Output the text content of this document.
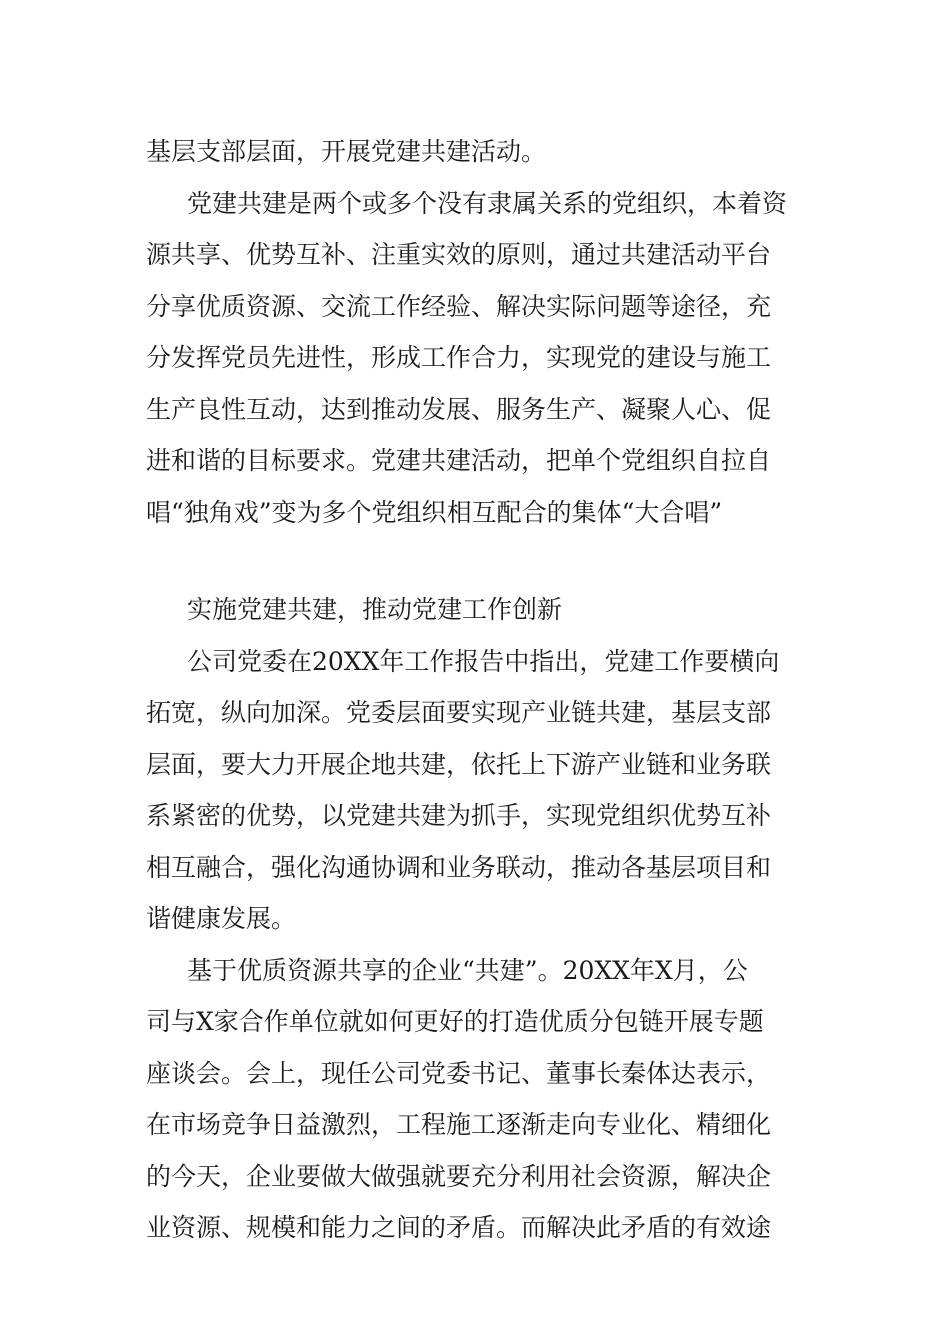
基层支部层面，开展党建共建活动。

党建共建是两个或多个没有隶属关系的党组织，本着资

源共享、优势互补、注重实效的原则，通过共建活动平台

分享优质资源、交流工作经验、解决实际问题等途径，充

分发挥党员先进性，形成工作合力，实现党的建设与施工

生产良性互动，达到推动发展、服务生产、凝聚人心、促

进和谐的目标要求。党建共建活动，把单个党组织自拉自

唱“独角戏”变为多个党组织相互配合的集体“大合唱”

实施党建共建，推动党建工作创新

公司党委在20XX年工作报告中指出，党建工作要横向

拓宽，纵向加深。党委层面要实现产业链共建，基层支部

层面，要大力开展企地共建，依托上下游产业链和业务联

系紧密的优势，以党建共建为抓手，实现党组织优势互补

相互融合，强化沟通协调和业务联动，推动各基层项目和

谐健康发展。

基于优质资源共享的企业“共建”。20XX年X月，公

司与X家合作单位就如何更好的打造优质分包链开展专题

座谈会。会上，现任公司党委书记、董事长秦体达表示，

在市场竞争日益激烈，工程施工逐渐走向专业化、精细化

的今天，企业要做大做强就要充分利用社会资源，解决企

业资源、规模和能力之间的矛盾。而解决此矛盾的有效途
